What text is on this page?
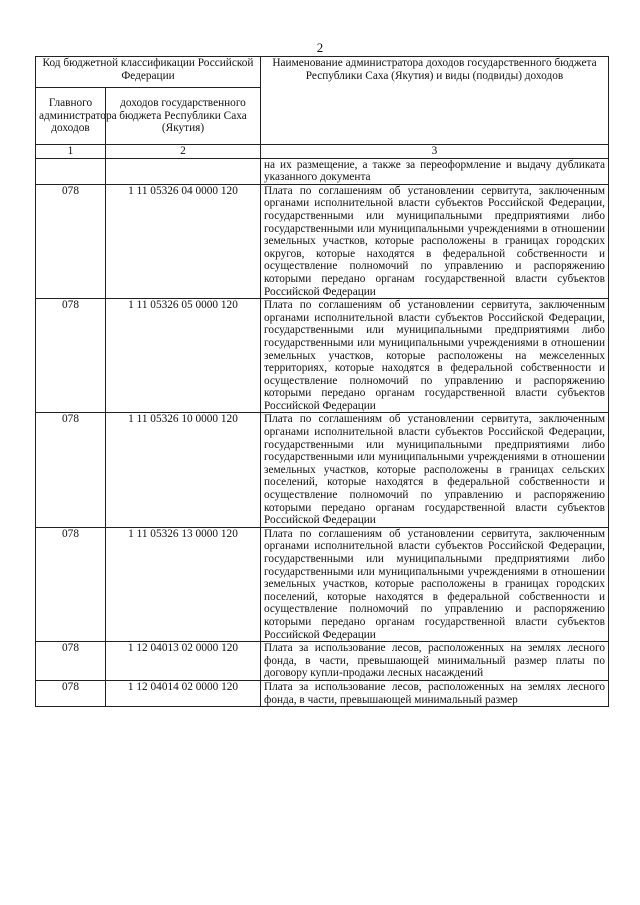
2
Код бюджетной классификации Российской Федерации		Наименование администратора доходов государственного бюджета Республики Саха (Якутия) и виды (подвиды) доходов
Главного администратора доходов	доходов государственного бюджета Республики Саха (Якутия)	
1	2	3
		на их размещение, а также за переоформление и выдачу дубликата указанного документа
078	1 11 05326 04 0000 120	Плата по соглашениям об установлении сервитута, заключенным органами исполнительной власти субъектов Российской Федерации, государственными или муниципальными предприятиями либо государственными или муниципальными учреждениями в отношении земельных участков, которые расположены в границах городских округов, которые находятся в федеральной собственности и осуществление полномочий по управлению и распоряжению которыми передано органам государственной власти субъектов Российской Федерации
078	1 11 05326 05 0000 120	Плата по соглашениям об установлении сервитута, заключенным органами исполнительной власти субъектов Российской Федерации, государственными или муниципальными предприятиями либо государственными или муниципальными учреждениями в отношении земельных участков, которые расположены на межселенных территориях, которые находятся в федеральной собственности и осуществление полномочий по управлению и распоряжению которыми передано органам государственной власти субъектов Российской Федерации
078	1 11 05326 10 0000 120	Плата по соглашениям об установлении сервитута, заключенным органами исполнительной власти субъектов Российской Федерации, государственными или муниципальными предприятиями либо государственными или муниципальными учреждениями в отношении земельных участков, которые расположены в границах сельских поселений, которые находятся в федеральной собственности и осуществление полномочий по управлению и распоряжению которыми передано органам государственной власти субъектов Российской Федерации
078	1 11 05326 13 0000 120	Плата по соглашениям об установлении сервитута, заключенным органами исполнительной власти субъектов Российской Федерации, государственными или муниципальными предприятиями либо государственными или муниципальными учреждениями в отношении земельных участков, которые расположены в границах городских поселений, которые находятся в федеральной собственности и осуществление полномочий по управлению и распоряжению которыми передано органам государственной власти субъектов Российской Федерации
078	1 12 04013 02 0000 120	Плата за использование лесов, расположенных на землях лесного фонда, в части, превышающей минимальный размер платы по договору купли-продажи лесных насаждений
078	1 12 04014 02 0000 120	Плата за использование лесов, расположенных на землях лесного фонда, в части, превышающей минимальный размер
